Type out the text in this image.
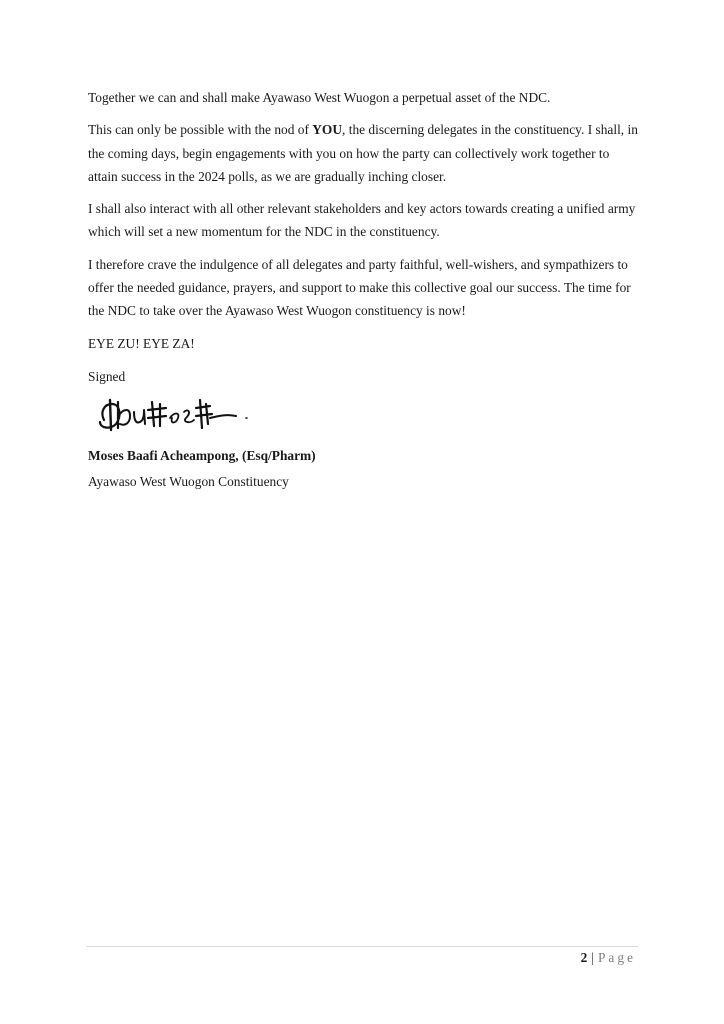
Together we can and shall make Ayawaso West Wuogon a perpetual asset of the NDC.

This can only be possible with the nod of YOU, the discerning delegates in the constituency. I shall, in the coming days, begin engagements with you on how the party can collectively work together to attain success in the 2024 polls, as we are gradually inching closer.

I shall also interact with all other relevant stakeholders and key actors towards creating a unified army which will set a new momentum for the NDC in the constituency.

I therefore crave the indulgence of all delegates and party faithful, well-wishers, and sympathizers to offer the needed guidance, prayers, and support to make this collective goal our success. The time for the NDC to take over the Ayawaso West Wuogon constituency is now!

EYE ZU! EYE ZA!

Signed

Moses Baafi Acheampong, (Esq/Pharm)
Ayawaso West Wuogon Constituency
2 | Page
